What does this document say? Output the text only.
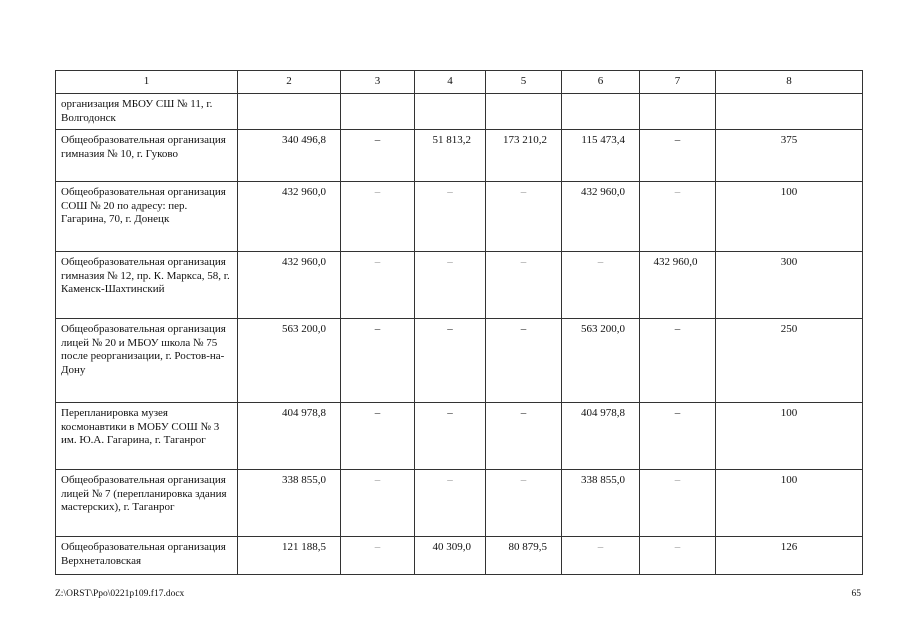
1	2	3	4	5	6	7	8
организация МБОУ СШ № 11, г. Волгодонск							
Общеобразовательная организация гимназия № 10, г. Гуково	340 496,8	–	51 813,2	173 210,2	115 473,4	–	375
Общеобразовательная организация СОШ № 20 по адресу: пер. Гагарина, 70, г. Донецк	432 960,0	–	–	–	432 960,0	–	100
Общеобразовательная организация гимназия № 12, пр. К. Маркса, 58, г. Каменск-Шахтинский	432 960,0	–	–	–	–	432 960,0	300
Общеобразовательная организация лицей № 20 и МБОУ школа № 75 после реорганизации, г. Ростов-на-Дону	563 200,0	–	–	–	563 200,0	–	250
Перепланировка музея космонавтики в МОБУ СОШ № 3 им. Ю.А. Гагарина, г. Таганрог	404 978,8	–	–	–	404 978,8	–	100
Общеобразовательная организация лицей № 7 (перепланировка здания мастерских), г. Таганрог	338 855,0	–	–	–	338 855,0	–	100
Общеобразовательная организация Верхнеталовская	121 188,5	–	40 309,0	80 879,5	–	–	126
Z:\ORST\Ppo\0221p109.f17.docx	65
